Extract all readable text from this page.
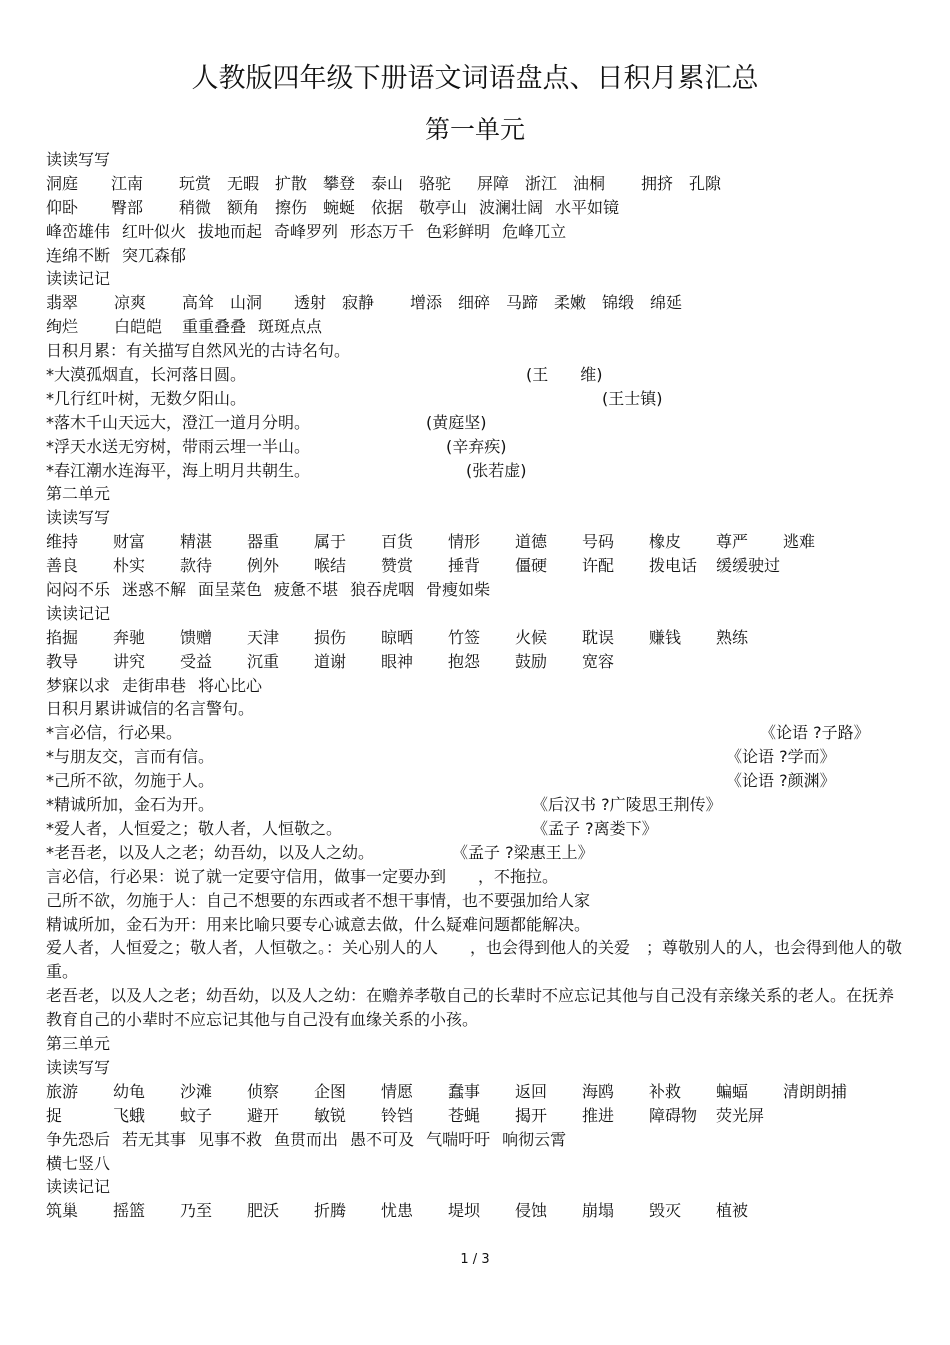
人教版四年级下册语文词语盘点、日积月累汇总
第一单元
读读写写
洞庭 江南 玩赏 无暇 扩散 攀登 泰山 骆驼 屏障 浙江 油桐 拥挤 孔隙
仰卧 臀部 稍微 额角 擦伤 蜿蜒 依据 敬亭山 波澜壮阔 水平如镜
峰峦雄伟 红叶似火 拔地而起 奇峰罗列 形态万千 色彩鲜明 危峰兀立
连绵不断 突兀森郁
读读记记
翡翠 凉爽 高耸 山洞 透射 寂静 增添 细碎 马蹄 柔嫩 锦缎 绵延
绚烂 白皑皑 重重叠叠 斑斑点点
日积月累：有关描写自然风光的古诗名句。
*大漠孤烟直，长河落日圆。	(王　　维)
*几行红叶树，无数夕阳山。	(王士镇)
*落木千山天远大，澄江一道月分明。	(黄庭坚)
*浮天水送无穷树，带雨云埋一半山。	(辛弃疾)
*春江潮水连海平，海上明月共朝生。	(张若虚)
第二单元
读读写写
维持 财富 精湛 器重 属于 百货 情形 道德 号码 橡皮 尊严 逃难
善良 朴实 款待 例外 喉结 赞赏 捶背 僵硬 许配 拨电话 缓缓驶过
闷闷不乐 迷惑不解 面呈菜色 疲惫不堪 狼吞虎咽 骨瘦如柴
读读记记
掐掘 奔驰 馈赠 天津 损伤 晾晒 竹签 火候 耽误 赚钱 熟练
教导 讲究 受益 沉重 道谢 眼神 抱怨 鼓励 宽容
梦寐以求 走街串巷 将心比心
日积月累讲诚信的名言警句。
*言必信，行必果。	《论语 ?子路》
*与朋友交，言而有信。	《论语 ?学而》
*己所不欲，勿施于人。	《论语 ?颜渊》
*精诚所加，金石为开。	《后汉书 ?广陵思王荆传》
*爱人者，人恒爱之；敬人者，人恒敬之。	《孟子 ?离娄下》
*老吾老，以及人之老；幼吾幼，以及人之幼。	《孟子 ?梁惠王上》
言必信，行必果：说了就一定要守信用，做事一定要办到　　，不拖拉。
己所不欲，勿施于人：自己不想要的东西或者不想干事情，也不要强加给人家
精诚所加，金石为开：用来比喻只要专心诚意去做，什么疑难问题都能解决。
爱人者，人恒爱之；敬人者，人恒敬之。：关心别人的人　　，也会得到他人的关爱　；尊敬别人的人，也会得到他人的敬重。
老吾老，以及人之老；幼吾幼，以及人之幼：在赡养孝敬自己的长辈时不应忘记其他与自己没有亲缘关系的老人。在抚养教育自己的小辈时不应忘记其他与自己没有血缘关系的小孩。
第三单元
读读写写
旅游 幼龟 沙滩 侦察 企图 情愿 蠢事 返回 海鸥 补救 蝙蝠 清朗朗捕
捉	飞蛾 蚊子 避开 敏锐 铃铛 苍蝇 揭开 推进 障碍物 荧光屏
争先恐后 若无其事 见事不救 鱼贯而出 愚不可及 气喘吁吁 响彻云霄
横七竖八
读读记记
筑巢 摇篮 乃至 肥沃 折腾 忧患 堤坝 侵蚀 崩塌 毁灭 植被
1 / 3
